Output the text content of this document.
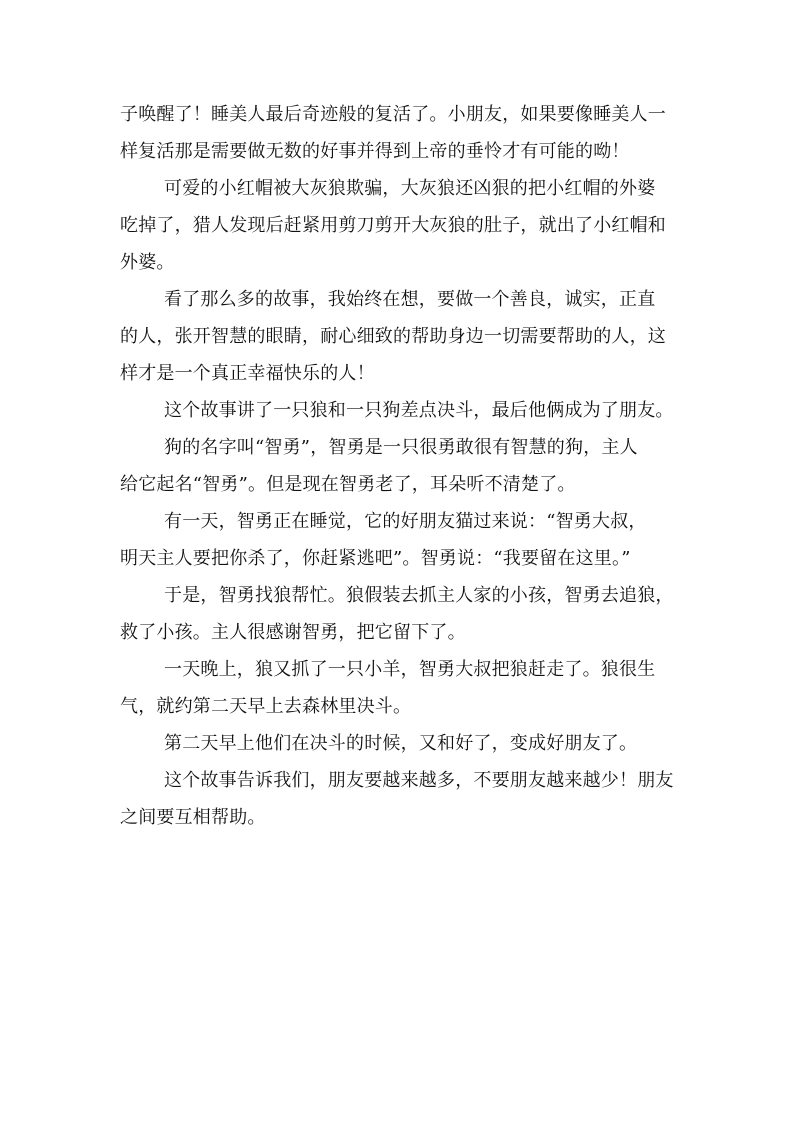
子唤醒了！睡美人最后奇迹般的复活了。小朋友，如果要像睡美人一
样复活那是需要做无数的好事并得到上帝的垂怜才有可能的呦！
可爱的小红帽被大灰狼欺骗，大灰狼还凶狠的把小红帽的外婆
吃掉了，猎人发现后赶紧用剪刀剪开大灰狼的肚子，就出了小红帽和
外婆。
看了那么多的故事，我始终在想，要做一个善良，诚实，正直
的人，张开智慧的眼睛，耐心细致的帮助身边一切需要帮助的人，这
样才是一个真正幸福快乐的人！
这个故事讲了一只狼和一只狗差点决斗，最后他俩成为了朋友。
狗的名字叫“智勇”，智勇是一只很勇敢很有智慧的狗，主人
给它起名“智勇”。但是现在智勇老了，耳朵听不清楚了。
有一天，智勇正在睡觉，它的好朋友猫过来说：“智勇大叔，
明天主人要把你杀了，你赶紧逃吧”。智勇说：“我要留在这里。”
于是，智勇找狼帮忙。狼假装去抓主人家的小孩，智勇去追狼，
救了小孩。主人很感谢智勇，把它留下了。
一天晚上，狼又抓了一只小羊，智勇大叔把狼赶走了。狼很生
气，就约第二天早上去森林里决斗。
第二天早上他们在决斗的时候，又和好了，变成好朋友了。
这个故事告诉我们，朋友要越来越多，不要朋友越来越少！朋友
之间要互相帮助。
